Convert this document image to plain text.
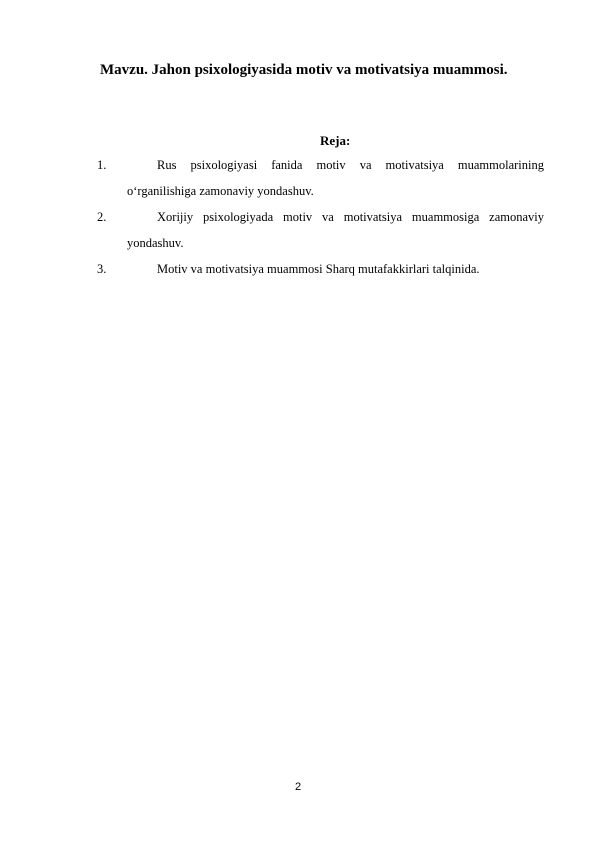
Mavzu. Jahon psixologiyasida motiv va motivatsiya muammosi.
Reja:
1.	Rus psixologiyasi fanida motiv va motivatsiya muammolarining o‘rganilishiga zamonaviy yondashuv.
2.	Xorijiy psixologiyada motiv va motivatsiya muammosiga zamonaviy yondashuv.
3.	Motiv va motivatsiya muammosi Sharq mutafakkirlari talqinida.
2
